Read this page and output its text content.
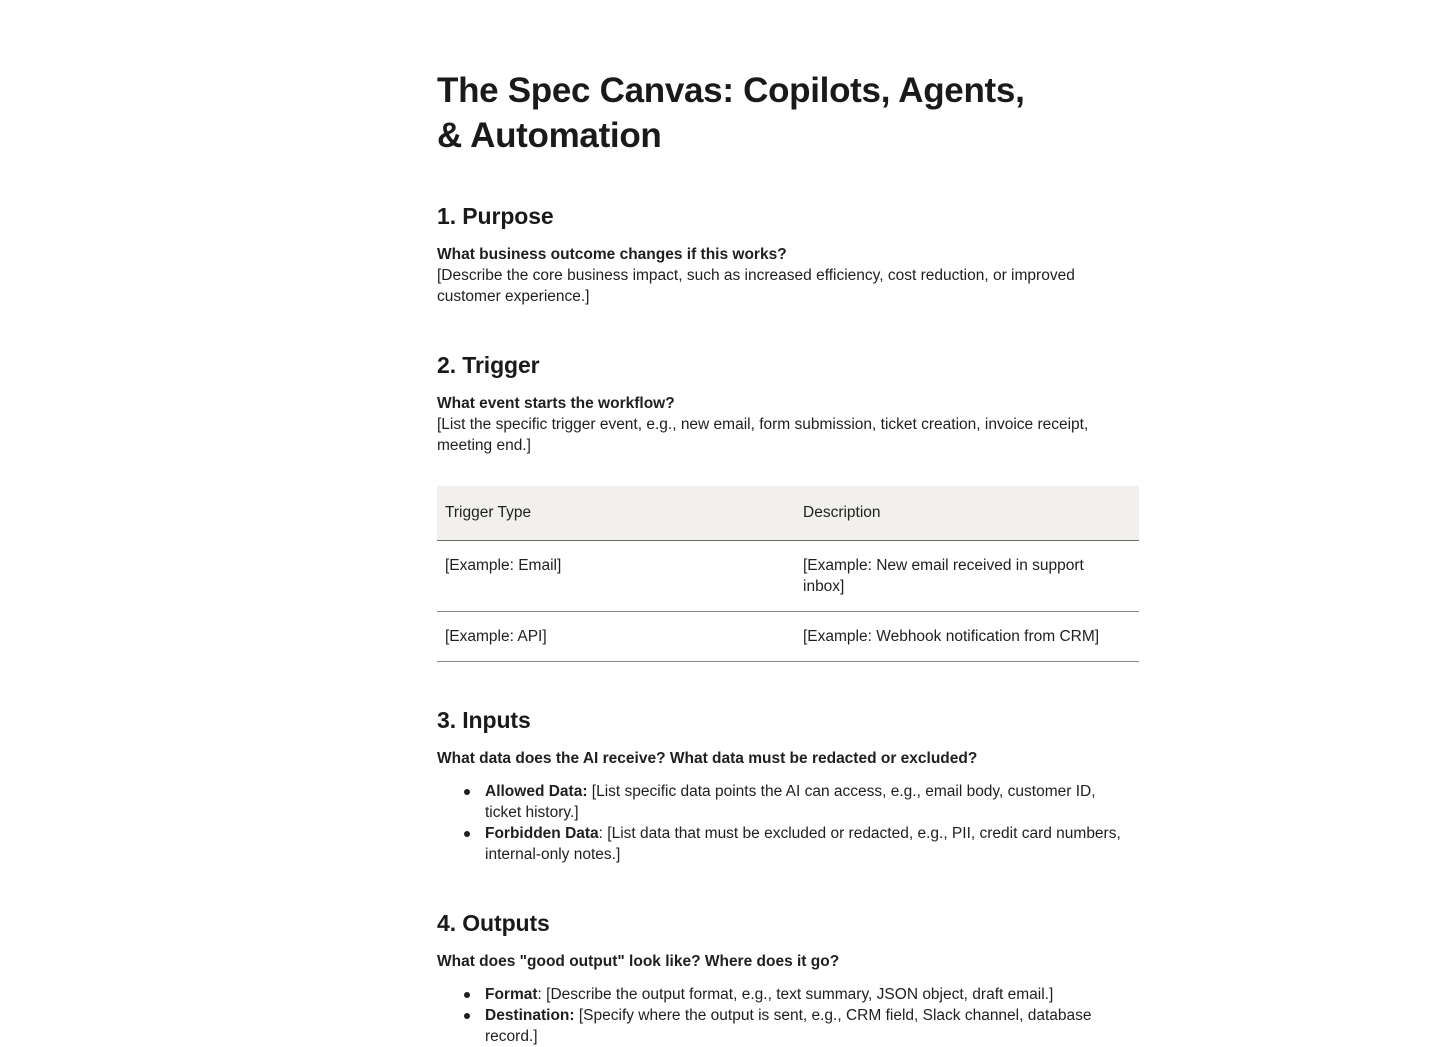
The Spec Canvas: Copilots, Agents, & Automation
1. Purpose

What business outcome changes if this works?

[Describe the core business impact, such as increased efficiency, cost reduction, or improved customer experience.]

2. Trigger

What event starts the workflow?

[List the specific trigger event, e.g., new email, form submission, ticket creation, invoice receipt, meeting end.]

Trigger Type	Description
[Example: Email]	[Example: New email received in support inbox]
[Example: API]	[Example: Webhook notification from CRM]
3. Inputs

What data does the AI receive? What data must be redacted or excluded?

Allowed Data: [List specific data points the AI can access, e.g., email body, customer ID, ticket history.]
Forbidden Data: [List data that must be excluded or redacted, e.g., PII, credit card numbers, internal-only notes.]
4. Outputs

What does "good output" look like? Where does it go?

Format: [Describe the output format, e.g., text summary, JSON object, draft email.]
Destination: [Specify where the output is sent, e.g., CRM field, Slack channel, database record.]
